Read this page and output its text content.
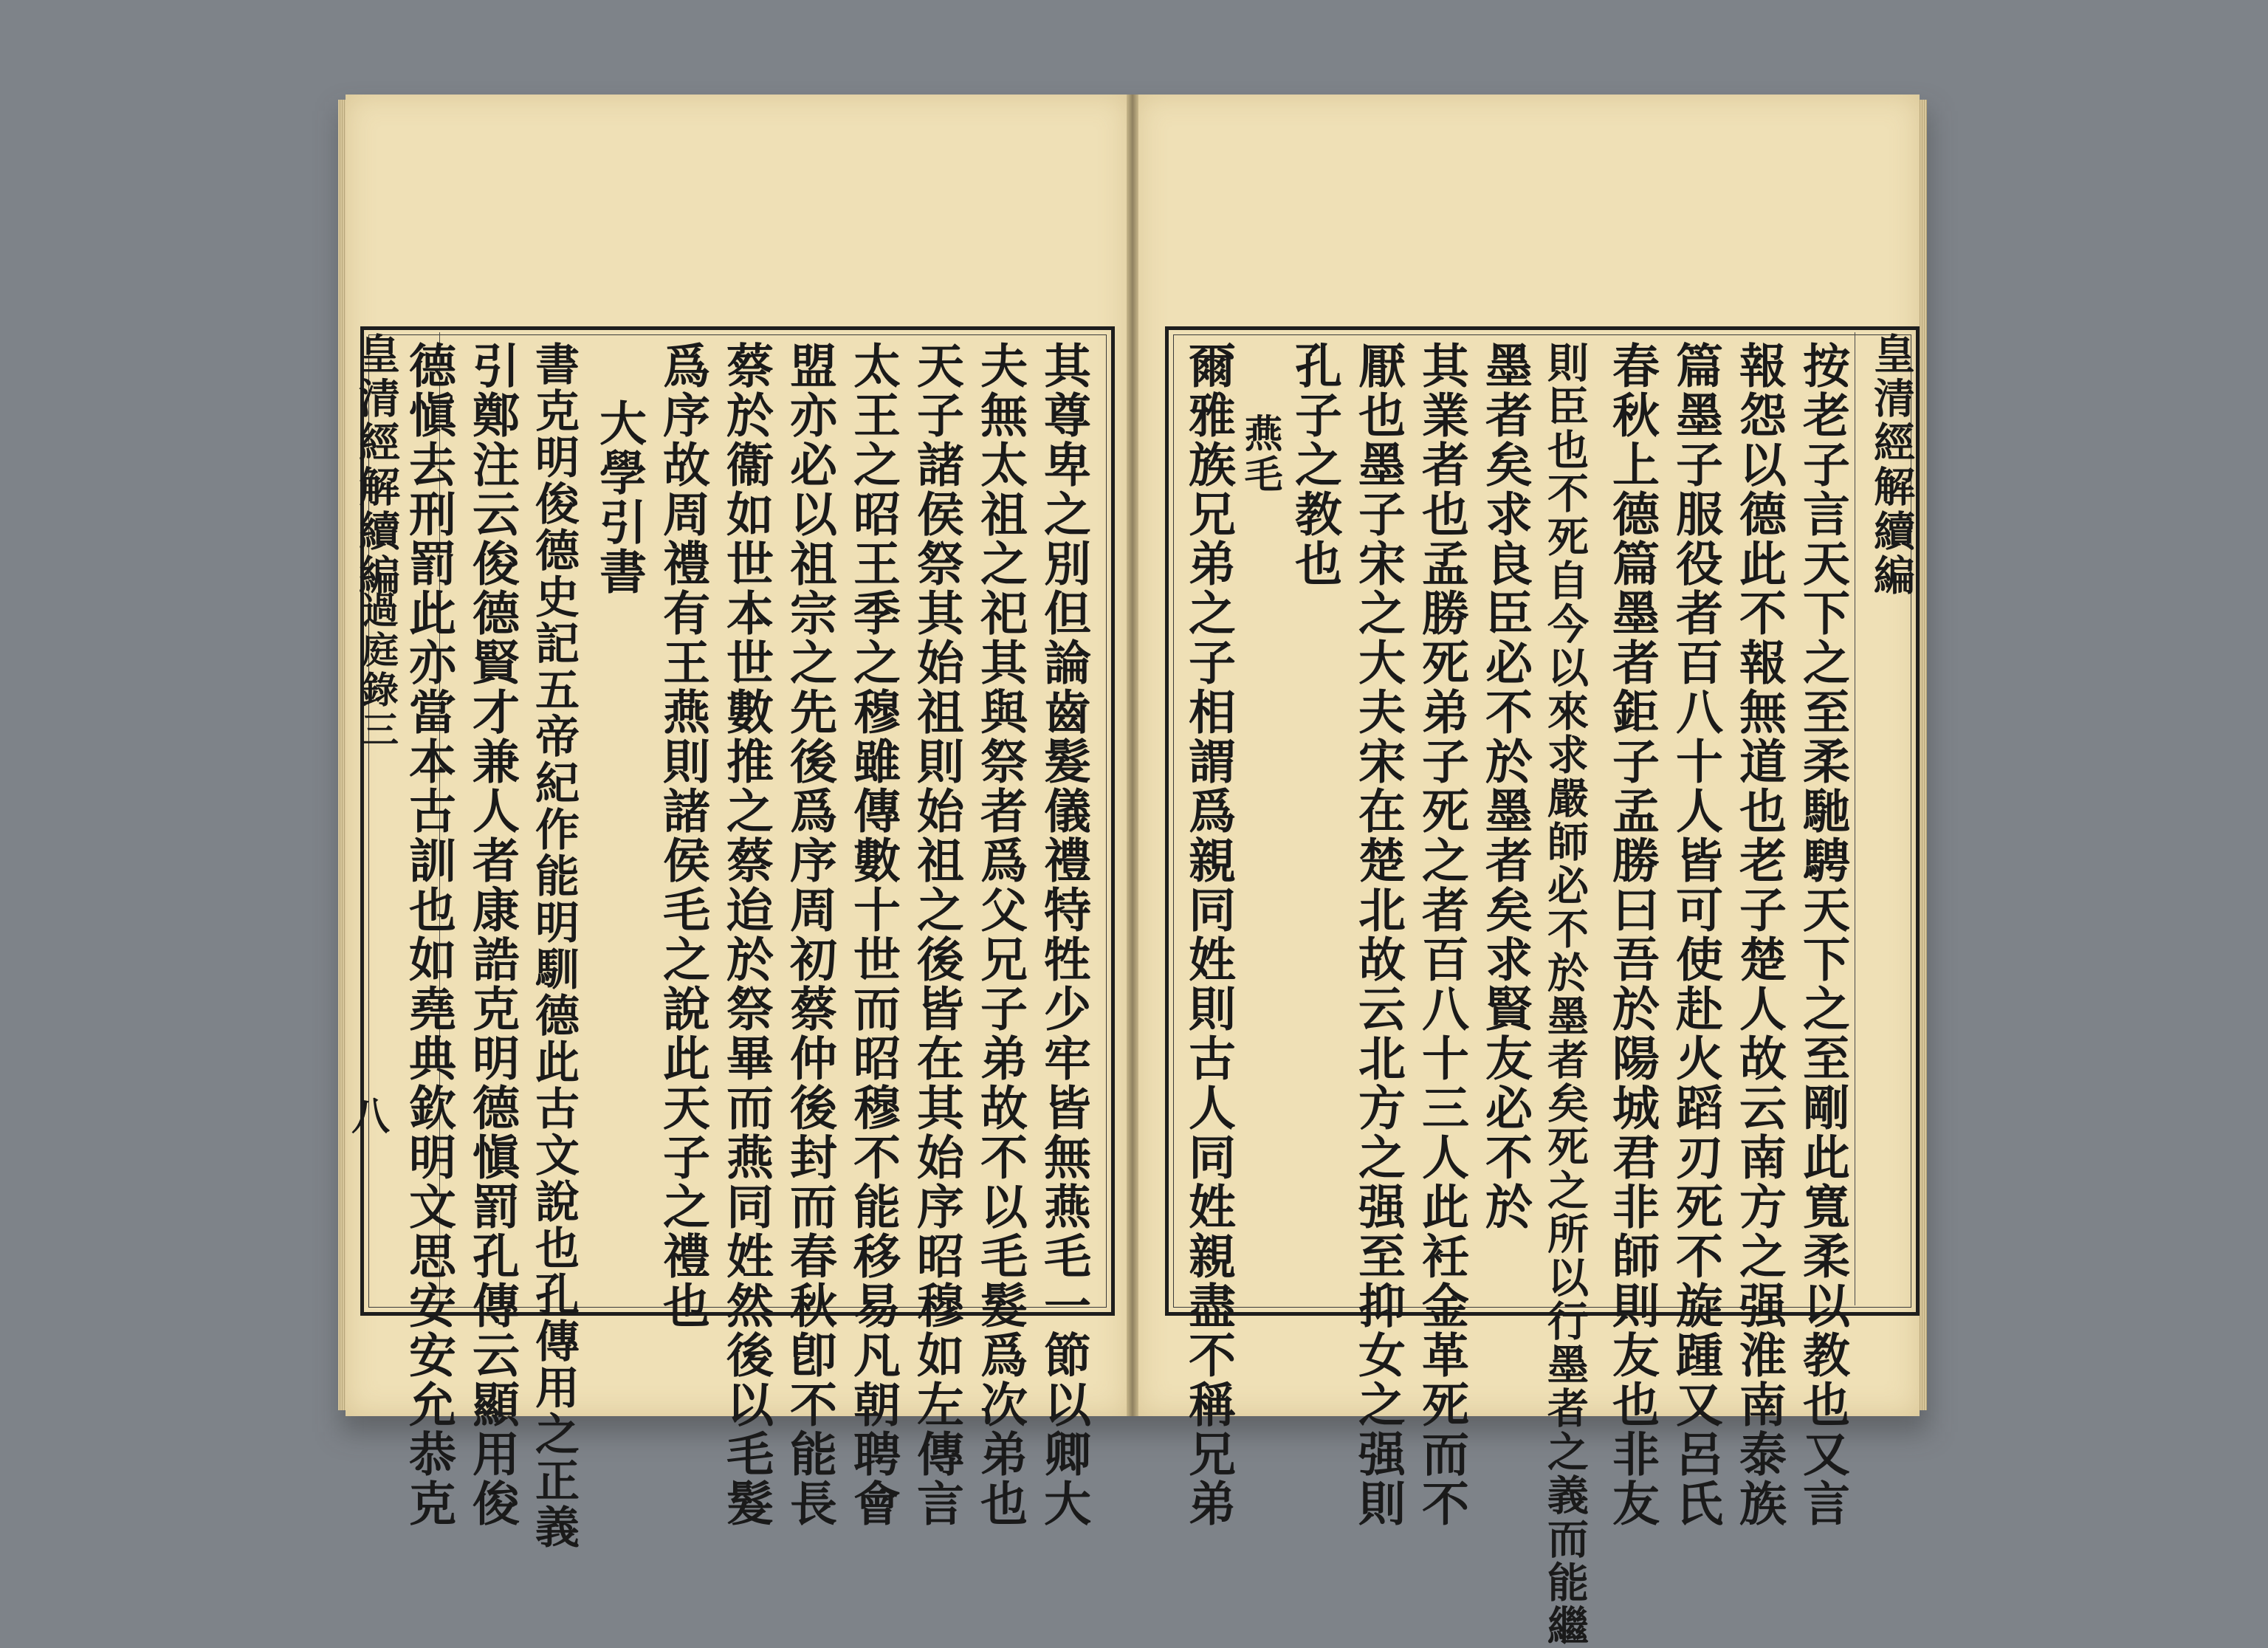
皇清經解續編
過庭錄三
八	其尊卑之別但論齒髮儀禮特牲少牢皆無燕毛一節以卿大
夫無太祖之祀其與祭者爲父兄子弟故不以毛髮爲次弟也
天子諸侯祭其始祖則始祖之後皆在其始序昭穆如左傳言
太王之昭王季之穆雖傳數十世而昭穆不能移易凡朝聘會
盟亦必以祖宗之先後爲序周初蔡仲後封而春秋卽不能長
蔡於衞如世本世數推之蔡迨於祭畢而燕同姓然後以毛髮
爲序故周禮有王燕則諸侯毛之說此天子之禮也
大學引書
書克明俊德史記五帝紀作能明馴德此古文說也孔傳用之正義
引鄭注云俊德賢才兼人者康誥克明德愼罰孔傳云顯用俊
德愼去刑罰此亦當本古訓也如堯典欽明文思安安允恭克	皇清經解續編
按老子言天下之至柔馳騁天下之至剛此寬柔以教也又言
報怨以德此不報無道也老子楚人故云南方之强淮南泰族
篇墨子服役者百八十人皆可使赴火蹈刃死不旋踵又呂氏
春秋上德篇墨者鉅子孟勝曰吾於陽城君非師則友也非友
則臣也不死自今以來求嚴師必不於墨者矣死之所以行墨者之義而能繼
墨者矣求良臣必不於墨者矣求賢友必不於
其業者也孟勝死弟子死之者百八十三人此衽金革死而不
厭也墨子宋之大夫宋在楚北故云北方之强至抑女之强則
孔子之教也
燕毛
爾雅族兄弟之子相謂爲親同姓則古人同姓親盡不稱兄弟
